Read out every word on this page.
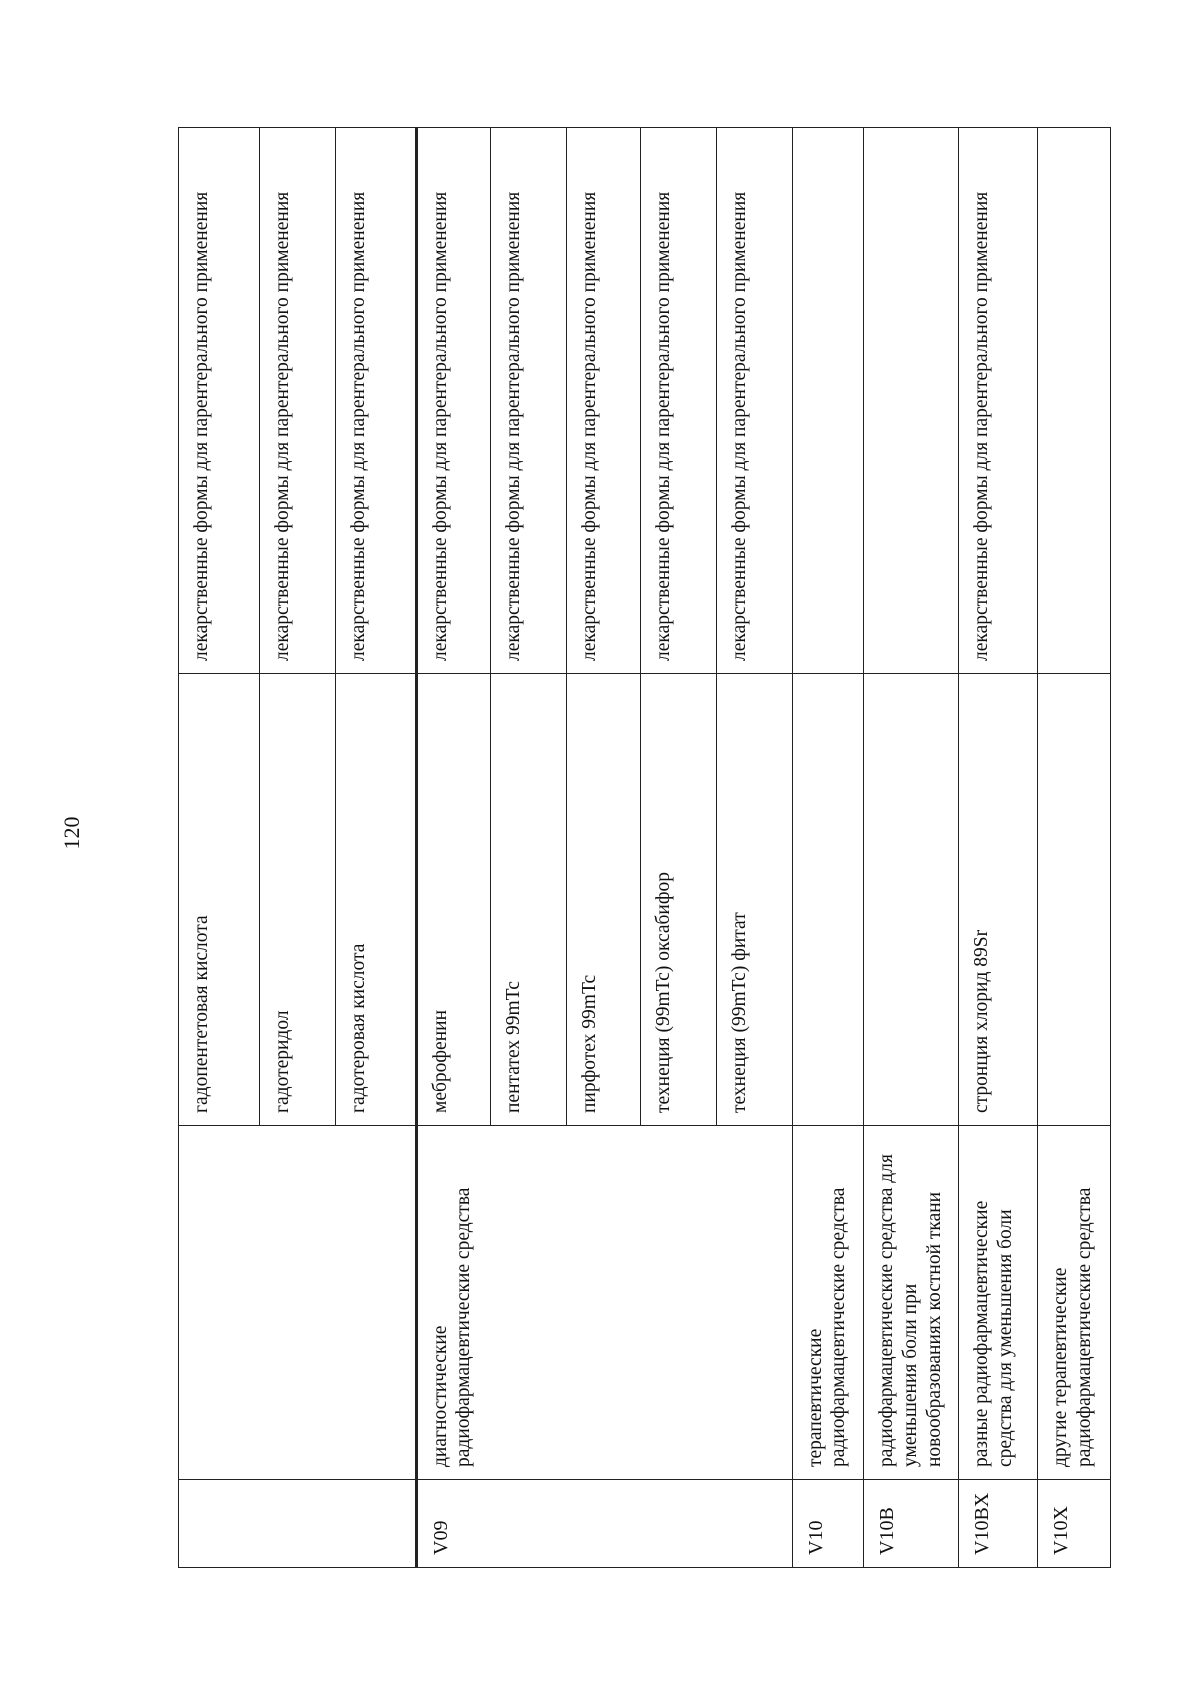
120
		гадопентетовая кислота	лекарственные формы для парентерального применения
		гадотеридол	лекарственные формы для парентерального применения
		гадотеровая кислота	лекарственные формы для парентерального применения
V09	диагностические радиофармацевтические средства	меброфенин	лекарственные формы для парентерального применения
		пентатех 99mTc	лекарственные формы для парентерального применения
		пирфотех 99mTc	лекарственные формы для парентерального применения
		технеция (99mTc) оксабифор	лекарственные формы для парентерального применения
		технеция (99mTc) фитат	лекарственные формы для парентерального применения
V10	терапевтические радиофармацевтические средства		
V10B	радиофармацевтические средства для уменьшения боли при новообразованиях костной ткани		
V10BX	разные радиофармацевтические средства для уменьшения боли	стронция хлорид 89Sr	лекарственные формы для парентерального применения
V10X	другие терапевтические радиофармацевтические средства		
